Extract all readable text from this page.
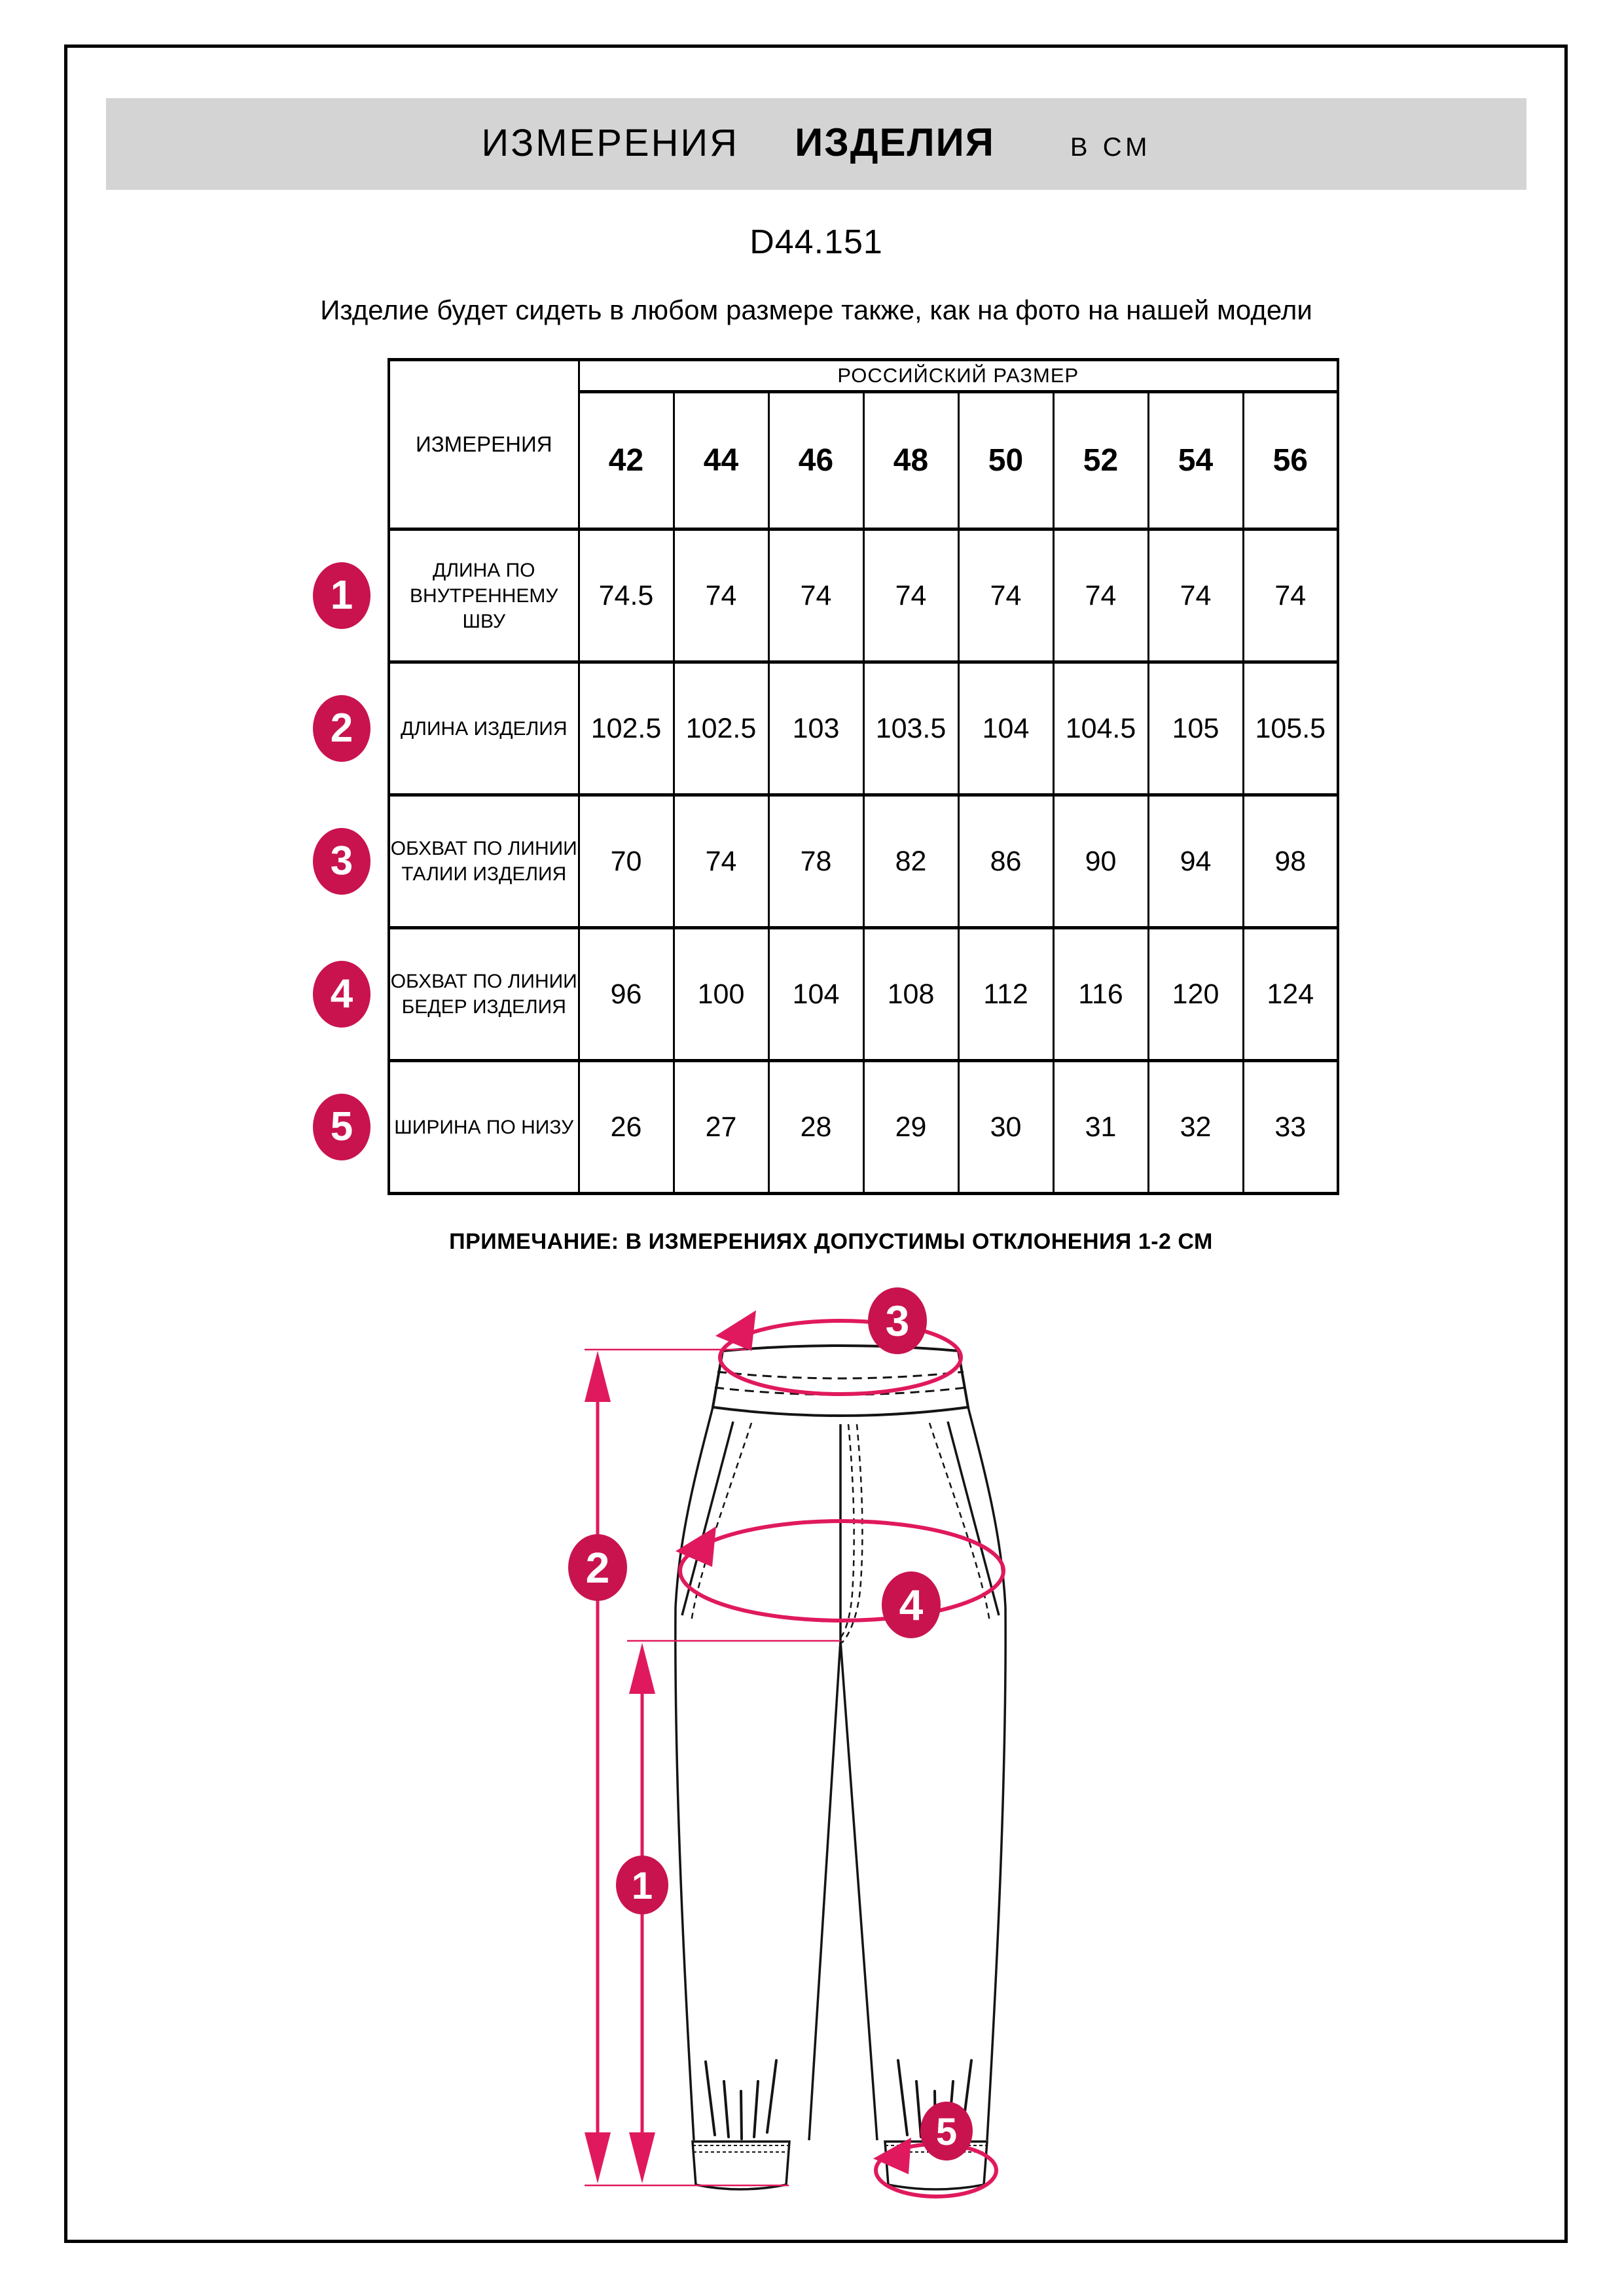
ИЗМЕРЕНИЯ ИЗДЕЛИЯ	В СМ
D44.151
Изделие будет сидеть в любом размере также, как на фото на нашей модели
ИЗМЕРЕНИЯ	РОССИЙСКИЙ РАЗМЕР							
	42	44	46	48	50	52	54	56

1
ДЛИНА ПО ВНУТРЕННЕМУ ШВУ	74.5	74	74	74	74	74	74	74

2 ДЛИНА ИЗДЕЛИЯ	102.5	102.5	103	103.5	104	104.5	105	105.5

3 ОБХВАТ ПО ЛИНИИ ТАЛИИ ИЗДЕЛИЯ	70	74	78	82	86	90	94	98

4 ОБХВАТ ПО ЛИНИИ БЕДЕР ИЗДЕЛИЯ	96	100	104	108	112	116	120	124

5 ШИРИНА ПО НИЗУ	26	27	28	29	30	31	32	33
ПРИМЕЧАНИЕ: В ИЗМЕРЕНИЯХ ДОПУСТИМЫ ОТКЛОНЕНИЯ 1-2 СМ
3
2
4
1
5
